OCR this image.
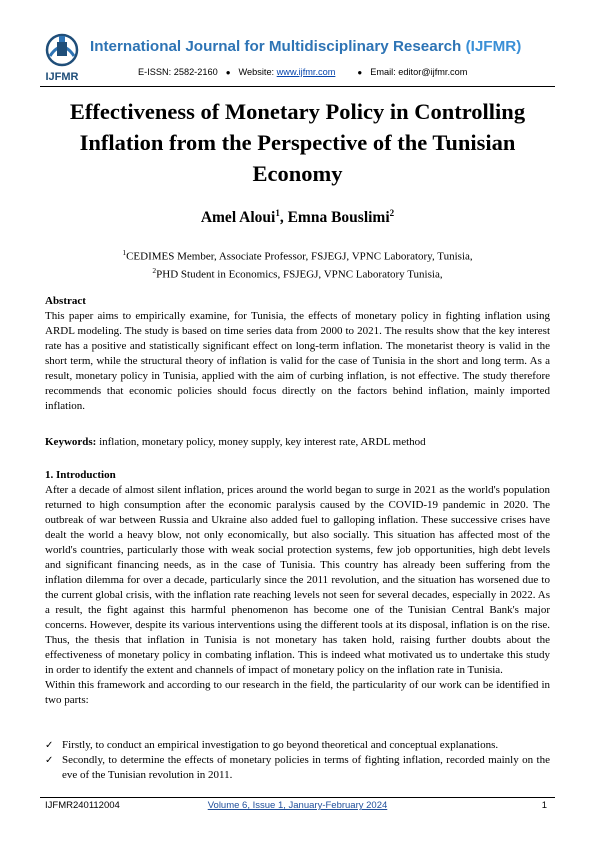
IJFMR
International Journal for Multidisciplinary Research (IJFMR)
E-ISSN: 2582-2160 ● Website: www.ijfmr.com	● Email: editor@ijfmr.com
Effectiveness of Monetary Policy in Controlling Inflation from the Perspective of the Tunisian Economy
Amel Aloui$^1$, Emna Bouslimi$^2$
$^1$CEDIMES Member, Associate Professor, FSJEGJ, VPNC Laboratory, Tunisia,
$^2$PHD Student in Economics, FSJEGJ, VPNC Laboratory Tunisia,

Abstract

This paper aims to empirically examine, for Tunisia, the effects of monetary policy in fighting inflation using ARDL modeling. The study is based on time series data from 2000 to 2021. The results show that the key interest rate has a positive and statistically significant effect on long-term inflation. The monetarist theory is valid in the short term, while the structural theory of inflation is valid for the case of Tunisia in the short and long term. As a result, monetary policy in Tunisia, applied with the aim of curbing inflation, is not effective. The study therefore recommends that economic policies should focus directly on the factors behind inflation, mainly imported inflation.

Keywords: inflation, monetary policy, money supply, key interest rate, ARDL method

1. Introduction

After a decade of almost silent inflation, prices around the world began to surge in 2021 as the world's population returned to high consumption after the economic paralysis caused by the COVID-19 pandemic in 2020. The outbreak of war between Russia and Ukraine also added fuel to galloping inflation. These successive crises have dealt the world a heavy blow, not only economically, but also socially. This situation has affected most of the world's countries, particularly those with weak social protection systems, few job opportunities, high debt levels and significant financing needs, as in the case of Tunisia. This country has already been suffering from the inflation dilemma for over a decade, particularly since the 2011 revolution, and the situation has worsened due to the current global crisis, with the inflation rate reaching levels not seen for several decades, especially in 2022. As a result, the fight against this harmful phenomenon has become one of the Tunisian Central Bank's major concerns. However, despite its various interventions using the different tools at its disposal, inflation is on the rise. Thus, the thesis that inflation in Tunisia is not monetary has taken hold, raising further doubts about the effectiveness of monetary policy in combating inflation. This is indeed what motivated us to undertake this study in order to identify the extent and channels of impact of monetary policy on the inflation rate in Tunisia.

Within this framework and according to our research in the field, the particularity of our work can be identified in two parts:

✓ Firstly, to conduct an empirical investigation to go beyond theoretical and conceptual explanations.
✓ Secondly, to determine the effects of monetary policies in terms of fighting inflation, recorded mainly on the eve of the Tunisian revolution in 2011.
IJFMR240112004	Volume 6, Issue 1, January-February 2024	1
